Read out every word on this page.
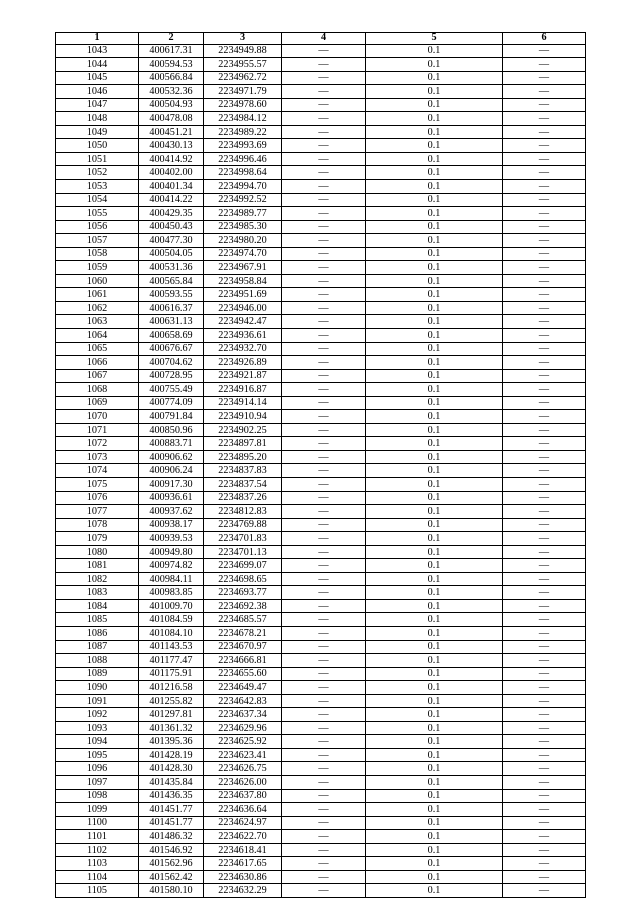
1	2	3	4	5	6
1043	400617.31	2234949.88	—	0.1	—
1044	400594.53	2234955.57	—	0.1	—
1045	400566.84	2234962.72	—	0.1	—
1046	400532.36	2234971.79	—	0.1	—
1047	400504.93	2234978.60	—	0.1	—
1048	400478.08	2234984.12	—	0.1	—
1049	400451.21	2234989.22	—	0.1	—
1050	400430.13	2234993.69	—	0.1	—
1051	400414.92	2234996.46	—	0.1	—
1052	400402.00	2234998.64	—	0.1	—
1053	400401.34	2234994.70	—	0.1	—
1054	400414.22	2234992.52	—	0.1	—
1055	400429.35	2234989.77	—	0.1	—
1056	400450.43	2234985.30	—	0.1	—
1057	400477.30	2234980.20	—	0.1	—
1058	400504.05	2234974.70	—	0.1	—
1059	400531.36	2234967.91	—	0.1	—
1060	400565.84	2234958.84	—	0.1	—
1061	400593.55	2234951.69	—	0.1	—
1062	400616.37	2234946.00	—	0.1	—
1063	400631.13	2234942.47	—	0.1	—
1064	400658.69	2234936.61	—	0.1	—
1065	400676.67	2234932.70	—	0.1	—
1066	400704.62	2234926.89	—	0.1	—
1067	400728.95	2234921.87	—	0.1	—
1068	400755.49	2234916.87	—	0.1	—
1069	400774.09	2234914.14	—	0.1	—
1070	400791.84	2234910.94	—	0.1	—
1071	400850.96	2234902.25	—	0.1	—
1072	400883.71	2234897.81	—	0.1	—
1073	400906.62	2234895.20	—	0.1	—
1074	400906.24	2234837.83	—	0.1	—
1075	400917.30	2234837.54	—	0.1	—
1076	400936.61	2234837.26	—	0.1	—
1077	400937.62	2234812.83	—	0.1	—
1078	400938.17	2234769.88	—	0.1	—
1079	400939.53	2234701.83	—	0.1	—
1080	400949.80	2234701.13	—	0.1	—
1081	400974.82	2234699.07	—	0.1	—
1082	400984.11	2234698.65	—	0.1	—
1083	400983.85	2234693.77	—	0.1	—
1084	401009.70	2234692.38	—	0.1	—
1085	401084.59	2234685.57	—	0.1	—
1086	401084.10	2234678.21	—	0.1	—
1087	401143.53	2234670.97	—	0.1	—
1088	401177.47	2234666.81	—	0.1	—
1089	401175.91	2234655.60	—	0.1	—
1090	401216.58	2234649.47	—	0.1	—
1091	401255.82	2234642.83	—	0.1	—
1092	401297.81	2234637.34	—	0.1	—
1093	401361.32	2234629.96	—	0.1	—
1094	401395.36	2234625.92	—	0.1	—
1095	401428.19	2234623.41	—	0.1	—
1096	401428.30	2234626.75	—	0.1	—
1097	401435.84	2234626.00	—	0.1	—
1098	401436.35	2234637.80	—	0.1	—
1099	401451.77	2234636.64	—	0.1	—
1100	401451.77	2234624.97	—	0.1	—
1101	401486.32	2234622.70	—	0.1	—
1102	401546.92	2234618.41	—	0.1	—
1103	401562.96	2234617.65	—	0.1	—
1104	401562.42	2234630.86	—	0.1	—
1105	401580.10	2234632.29	—	0.1	—
